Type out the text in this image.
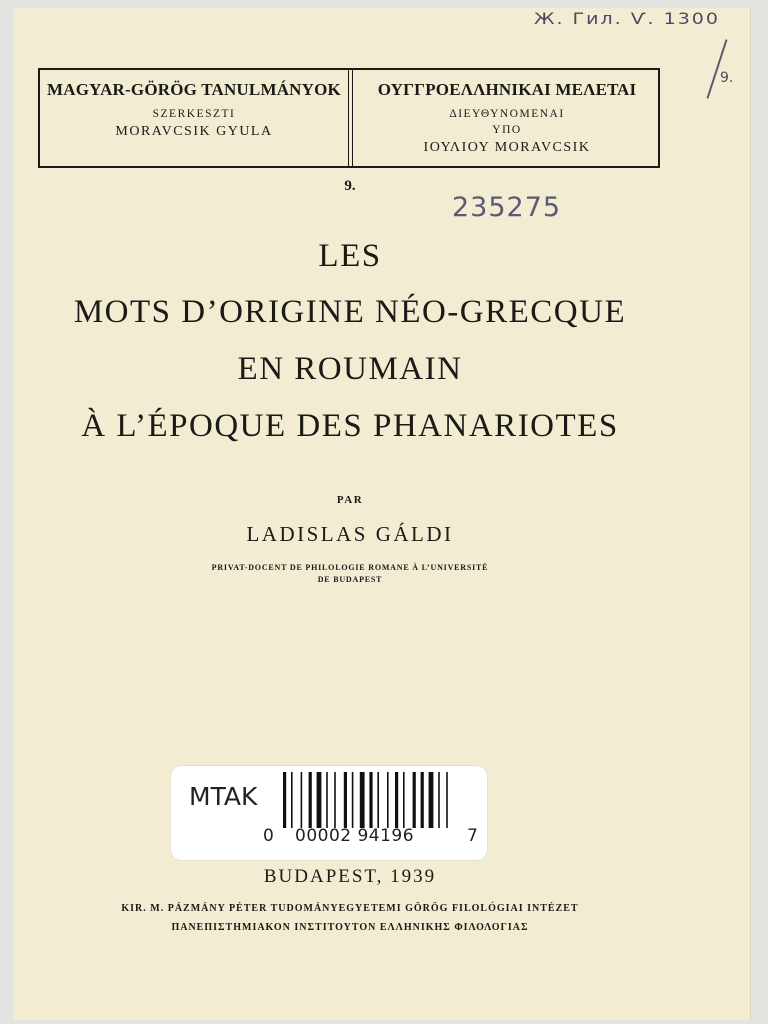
Ж. Гил. Ѵ. 1300
9.
MAGYAR-GÖRÖG TANULMÁNYOK
SZERKESZTI
MORAVCSIK GYULA
ΟΥΓΓΡΟΕΛΛΗΝΙΚΑΙ ΜΕΛΕΤΑΙ
ΔΙΕΥΘΥΝΟΜΕΝΑΙ
ΥΠΟ
ΙΟΥΛΙΟΥ MORAVCSIK
9.
235275
LES
MOTS D’ORIGINE NÉO-GRECQUE
EN ROUMAIN
À L’ÉPOQUE DES PHANARIOTES
PAR
LADISLAS GÁLDI
PRIVAT-DOCENT DE PHILOLOGIE ROMANE À L’UNIVERSITÉ
DE BUDAPEST
MTAK
0 00002 94196	7
BUDAPEST, 1939
KIR. M. PÁZMÁNY PÉTER TUDOMÁNYEGYETEMI GÖRÖG FILOLÓGIAI INTÉZET
ΠΑΝΕΠΙΣΤΗΜΙΑΚΟΝ ΙΝΣΤΙΤΟΥΤΟΝ ΕΛΛΗΝΙΚΗΣ ΦΙΛΟΛΟΓΙΑΣ
